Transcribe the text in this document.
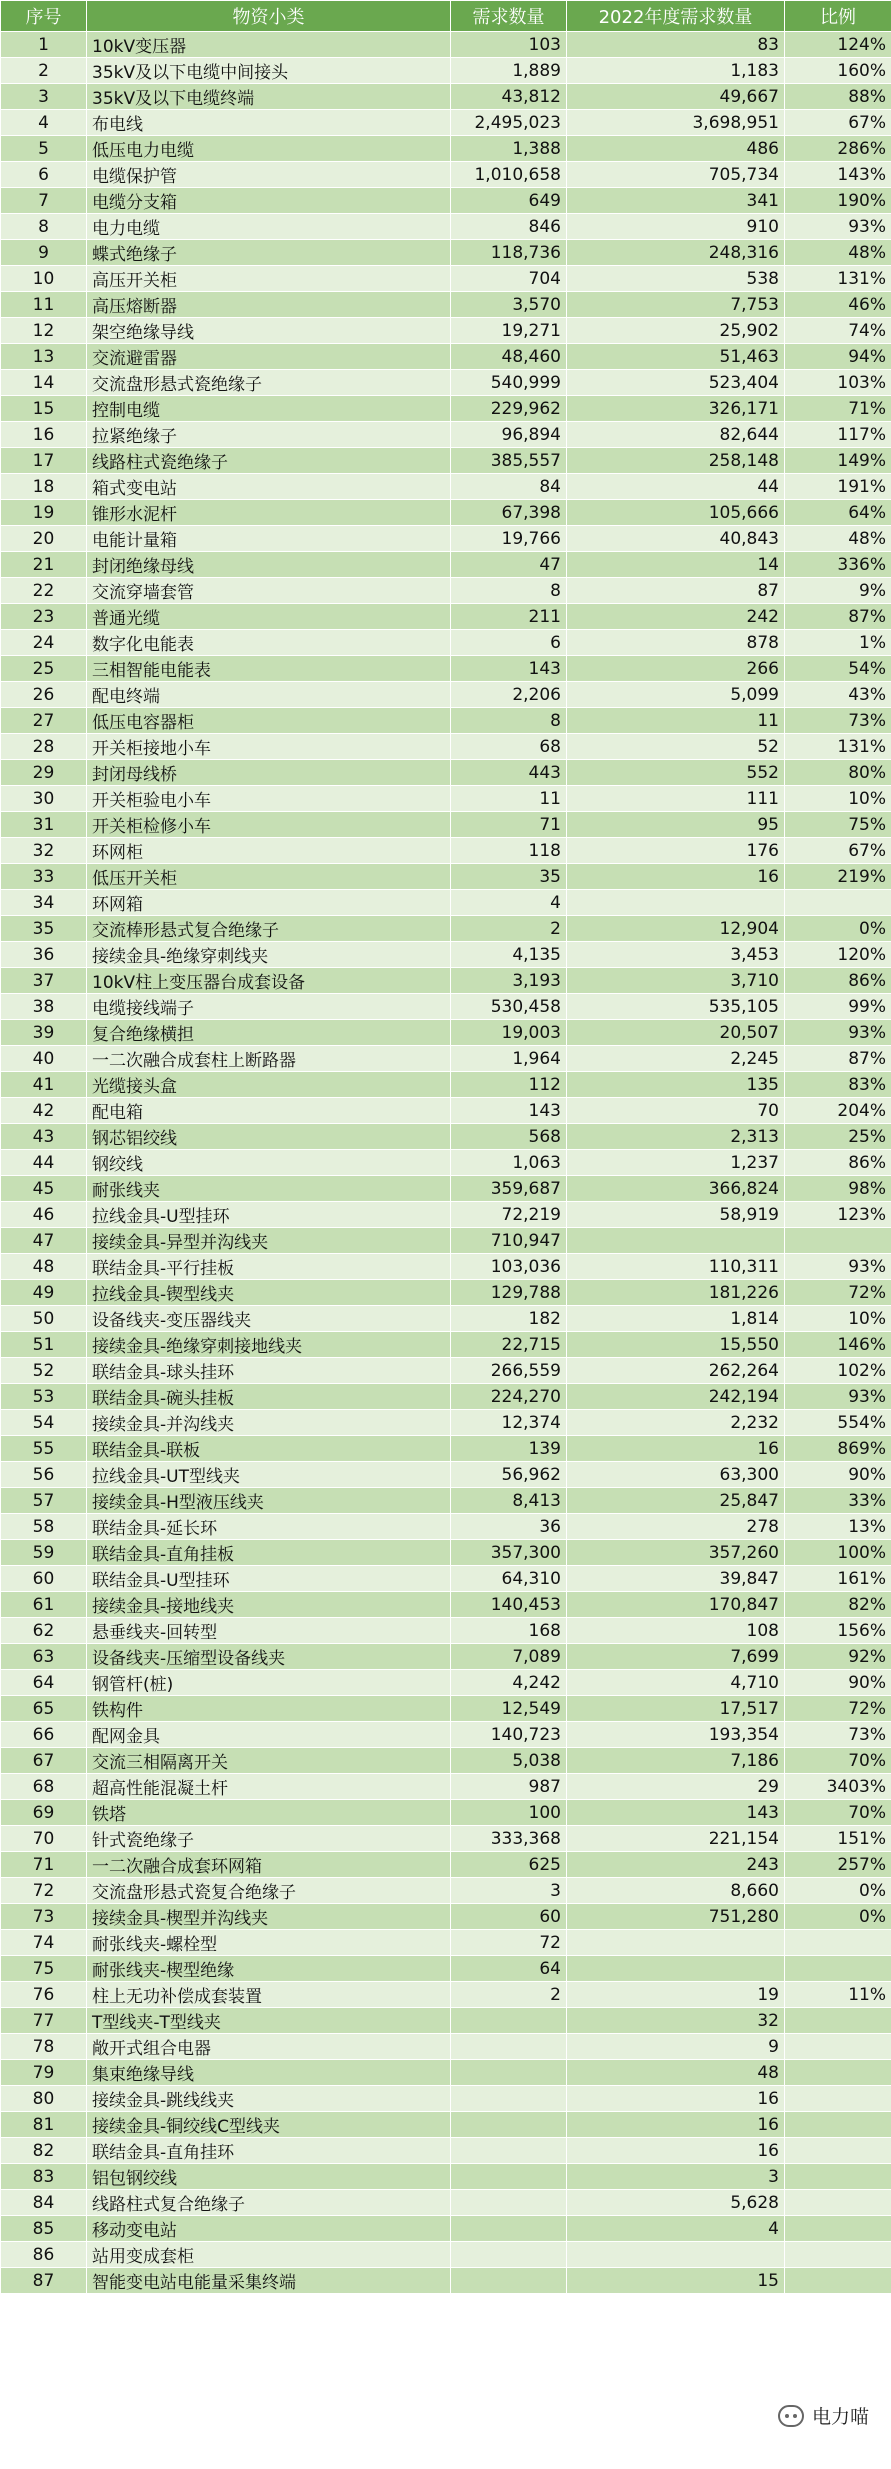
序号	物资小类	需求数量	2022年度需求数量	比例
1	10kV变压器	103	83	124%
2	35kV及以下电缆中间接头	1,889	1,183	160%
3	35kV及以下电缆终端	43,812	49,667	88%
4	布电线	2,495,023	3,698,951	67%
5	低压电力电缆	1,388	486	286%
6	电缆保护管	1,010,658	705,734	143%
7	电缆分支箱	649	341	190%
8	电力电缆	846	910	93%
9	蝶式绝缘子	118,736	248,316	48%
10	高压开关柜	704	538	131%
11	高压熔断器	3,570	7,753	46%
12	架空绝缘导线	19,271	25,902	74%
13	交流避雷器	48,460	51,463	94%
14	交流盘形悬式瓷绝缘子	540,999	523,404	103%
15	控制电缆	229,962	326,171	71%
16	拉紧绝缘子	96,894	82,644	117%
17	线路柱式瓷绝缘子	385,557	258,148	149%
18	箱式变电站	84	44	191%
19	锥形水泥杆	67,398	105,666	64%
20	电能计量箱	19,766	40,843	48%
21	封闭绝缘母线	47	14	336%
22	交流穿墙套管	8	87	9%
23	普通光缆	211	242	87%
24	数字化电能表	6	878	1%
25	三相智能电能表	143	266	54%
26	配电终端	2,206	5,099	43%
27	低压电容器柜	8	11	73%
28	开关柜接地小车	68	52	131%
29	封闭母线桥	443	552	80%
30	开关柜验电小车	11	111	10%
31	开关柜检修小车	71	95	75%
32	环网柜	118	176	67%
33	低压开关柜	35	16	219%
34	环网箱	4		
35	交流棒形悬式复合绝缘子	2	12,904	0%
36	接续金具-绝缘穿刺线夹	4,135	3,453	120%
37	10kV柱上变压器台成套设备	3,193	3,710	86%
38	电缆接线端子	530,458	535,105	99%
39	复合绝缘横担	19,003	20,507	93%
40	一二次融合成套柱上断路器	1,964	2,245	87%
41	光缆接头盒	112	135	83%
42	配电箱	143	70	204%
43	钢芯铝绞线	568	2,313	25%
44	钢绞线	1,063	1,237	86%
45	耐张线夹	359,687	366,824	98%
46	拉线金具-U型挂环	72,219	58,919	123%
47	接续金具-异型并沟线夹	710,947		
48	联结金具-平行挂板	103,036	110,311	93%
49	拉线金具-锲型线夹	129,788	181,226	72%
50	设备线夹-变压器线夹	182	1,814	10%
51	接续金具-绝缘穿刺接地线夹	22,715	15,550	146%
52	联结金具-球头挂环	266,559	262,264	102%
53	联结金具-碗头挂板	224,270	242,194	93%
54	接续金具-并沟线夹	12,374	2,232	554%
55	联结金具-联板	139	16	869%
56	拉线金具-UT型线夹	56,962	63,300	90%
57	接续金具-H型液压线夹	8,413	25,847	33%
58	联结金具-延长环	36	278	13%
59	联结金具-直角挂板	357,300	357,260	100%
60	联结金具-U型挂环	64,310	39,847	161%
61	接续金具-接地线夹	140,453	170,847	82%
62	悬垂线夹-回转型	168	108	156%
63	设备线夹-压缩型设备线夹	7,089	7,699	92%
64	钢管杆(桩)	4,242	4,710	90%
65	铁构件	12,549	17,517	72%
66	配网金具	140,723	193,354	73%
67	交流三相隔离开关	5,038	7,186	70%
68	超高性能混凝土杆	987	29	3403%
69	铁塔	100	143	70%
70	针式瓷绝缘子	333,368	221,154	151%
71	一二次融合成套环网箱	625	243	257%
72	交流盘形悬式瓷复合绝缘子	3	8,660	0%
73	接续金具-楔型并沟线夹	60	751,280	0%
74	耐张线夹-螺栓型	72		
75	耐张线夹-楔型绝缘	64		
76	柱上无功补偿成套装置	2	19	11%
77	T型线夹-T型线夹		32	
78	敞开式组合电器		9	
79	集束绝缘导线		48	
80	接续金具-跳线线夹		16	
81	接续金具-铜绞线C型线夹		16	
82	联结金具-直角挂环		16	
83	铝包钢绞线		3	
84	线路柱式复合绝缘子		5,628	
85	移动变电站		4	
86	站用变成套柜			
87	智能变电站电能量采集终端		15	
电力喵
